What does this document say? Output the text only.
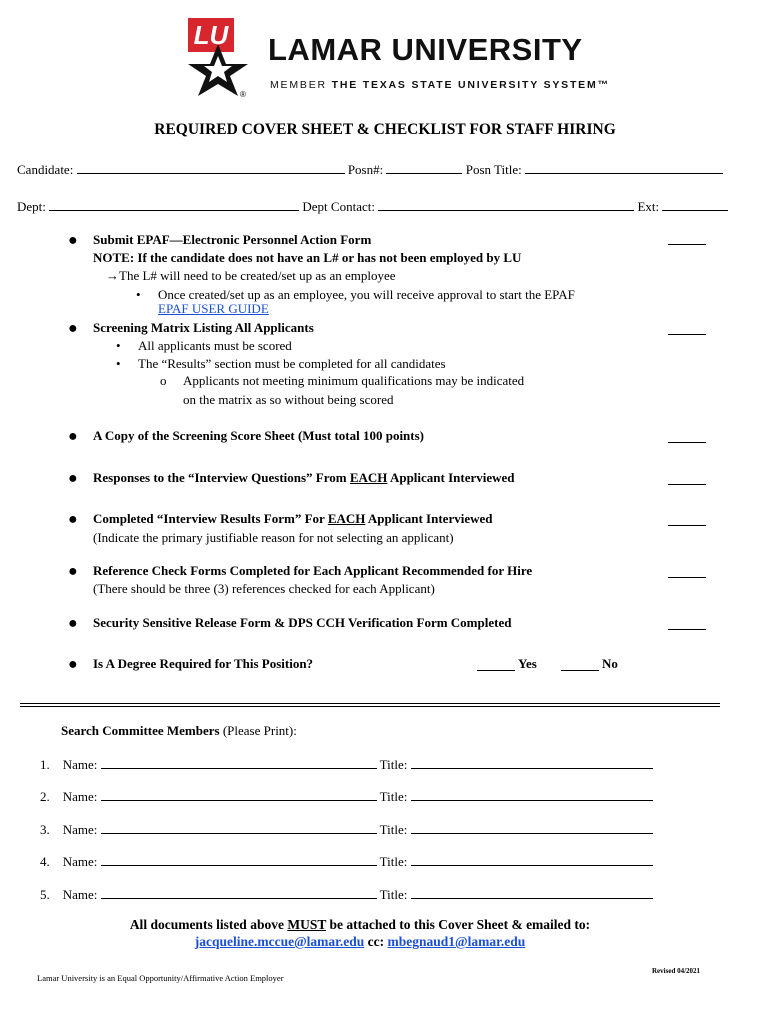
LU
®
LAMAR UNIVERSITY
MEMBER THE TEXAS STATE UNIVERSITY SYSTEM™
REQUIRED COVER SHEET & CHECKLIST FOR STAFF HIRING
Candidate:	Posn#:	Posn Title:
Dept:	Dept Contact:	Ext:
● Submit EPAF—Electronic Personnel Action Form
NOTE: If the candidate does not have an L# or has not been employed by LU
→The L# will need to be created/set up as an employee
• Once created/set up as an employee, you will receive approval to start the EPAF
EPAF USER GUIDE
● Screening Matrix Listing All Applicants
• All applicants must be scored
• The “Results” section must be completed for all candidates
o Applicants not meeting minimum qualifications may be indicated
on the matrix as so without being scored
● A Copy of the Screening Score Sheet (Must total 100 points)
● Responses to the “Interview Questions” From EACH Applicant Interviewed
● Completed “Interview Results Form” For EACH Applicant Interviewed
(Indicate the primary justifiable reason for not selecting an applicant)
● Reference Check Forms Completed for Each Applicant Recommended for Hire
(There should be three (3) references checked for each Applicant)
● Security Sensitive Release Form & DPS CCH Verification Form Completed
● Is A Degree Required for This Position?	Yes	No
Search Committee Members (Please Print):
1. Name:	Title:
2. Name:	Title:
3. Name:	Title:
4. Name:	Title:
5. Name:	Title:
All documents listed above MUST be attached to this Cover Sheet & emailed to:
jacqueline.mccue@lamar.edu cc: mbegnaud1@lamar.edu
Lamar University is an Equal Opportunity/Affirmative Action Employer
Revised 04/2021
